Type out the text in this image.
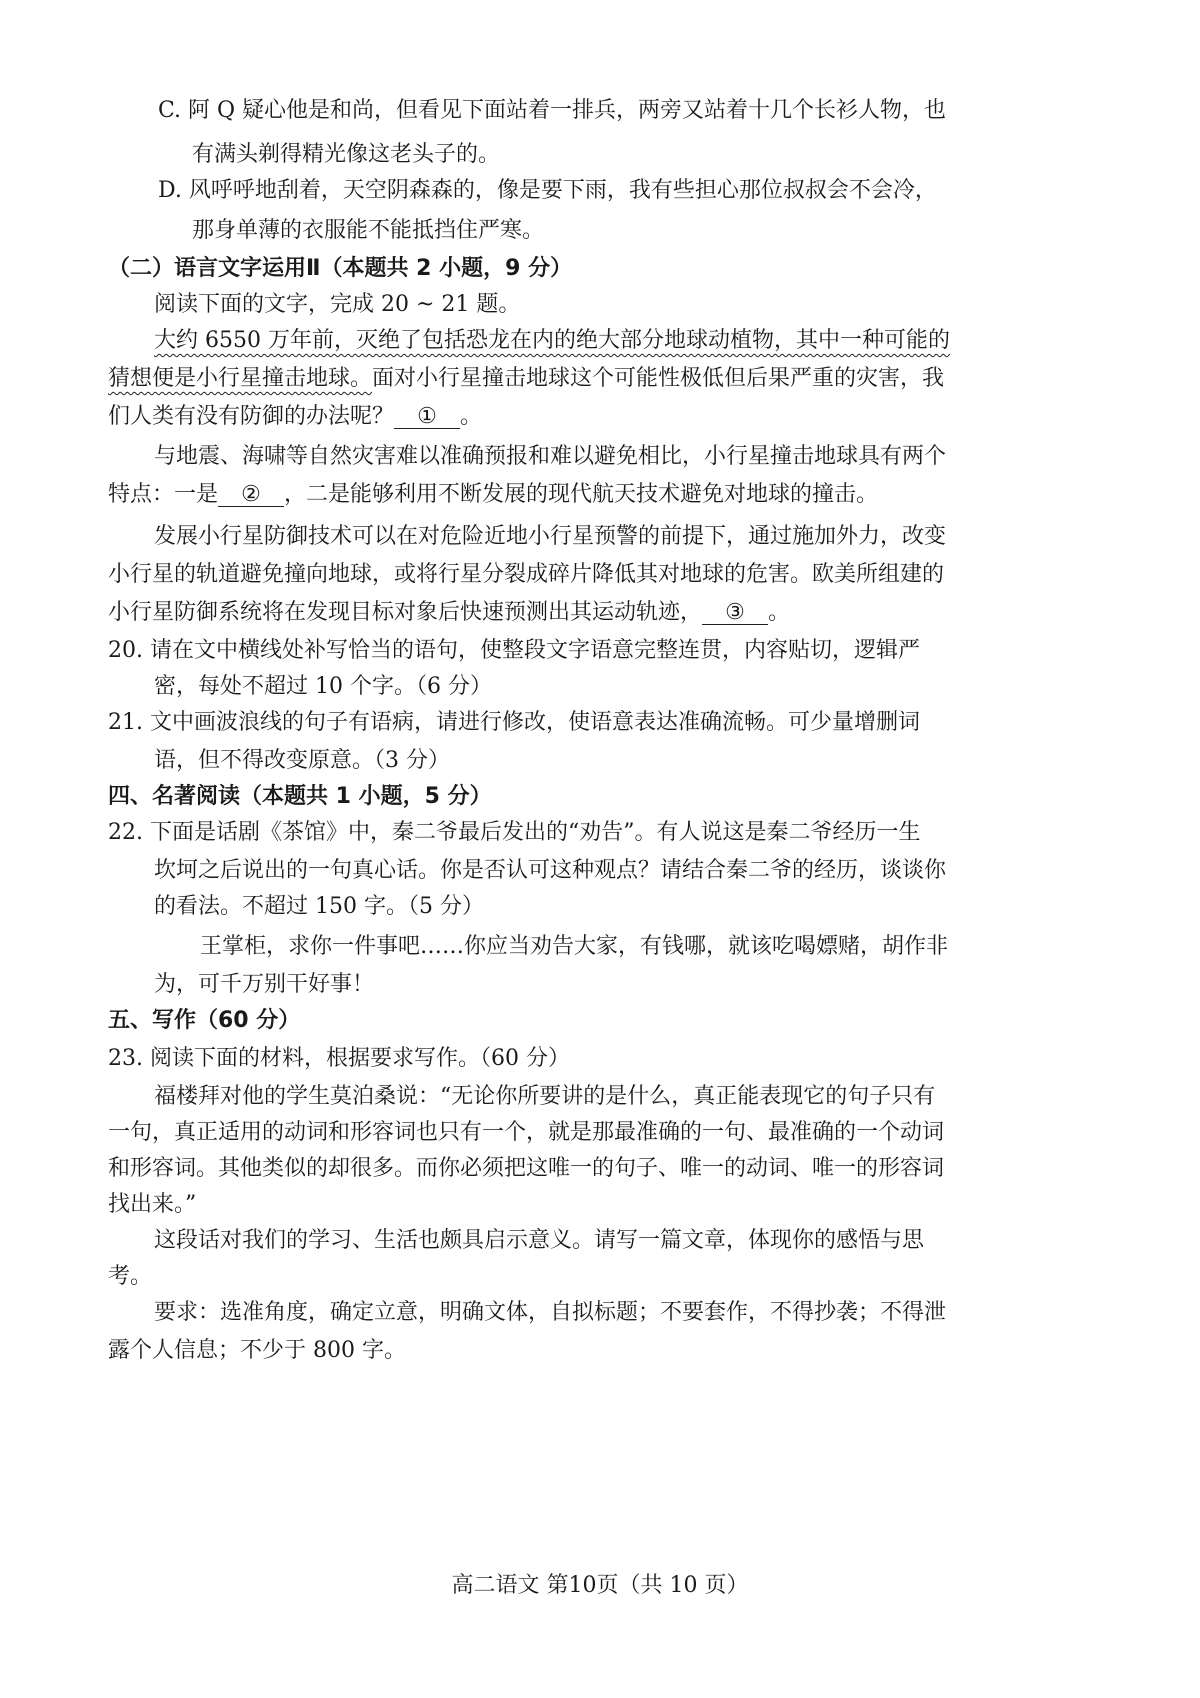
C. 阿 Q 疑心他是和尚，但看见下面站着一排兵，两旁又站着十几个长衫人物，也

有满头剃得精光像这老头子的。

D. 风呼呼地刮着，天空阴森森的，像是要下雨，我有些担心那位叔叔会不会冷，

那身单薄的衣服能不能抵挡住严寒。

（二）语言文字运用Ⅱ（本题共 2 小题，9 分）

阅读下面的文字，完成 20 ~ 21 题。

大约 6550 万年前，灭绝了包括恐龙在内的绝大部分地球动植物，其中一种可能的

猜想便是小行星撞击地球。面对小行星撞击地球这个可能性极低但后果严重的灾害，我

们人类有没有防御的办法呢？ ① 。

与地震、海啸等自然灾害难以准确预报和难以避免相比，小行星撞击地球具有两个

特点：一是 ② ，二是能够利用不断发展的现代航天技术避免对地球的撞击。

发展小行星防御技术可以在对危险近地小行星预警的前提下，通过施加外力，改变

小行星的轨道避免撞向地球，或将行星分裂成碎片降低其对地球的危害。欧美所组建的

小行星防御系统将在发现目标对象后快速预测出其运动轨迹， ③ 。

20. 请在文中横线处补写恰当的语句，使整段文字语意完整连贯，内容贴切，逻辑严

密，每处不超过 10 个字。（6 分）

21. 文中画波浪线的句子有语病，请进行修改，使语意表达准确流畅。可少量增删词

语，但不得改变原意。（3 分）

四、名著阅读（本题共 1 小题，5 分）

22. 下面是话剧《茶馆》中，秦二爷最后发出的“劝告”。有人说这是秦二爷经历一生

坎坷之后说出的一句真心话。你是否认可这种观点？请结合秦二爷的经历，谈谈你

的看法。不超过 150 字。（5 分）

王掌柜，求你一件事吧……你应当劝告大家，有钱哪，就该吃喝嫖赌，胡作非

为，可千万别干好事！

五、写作（60 分）

23. 阅读下面的材料，根据要求写作。（60 分）

福楼拜对他的学生莫泊桑说：“无论你所要讲的是什么，真正能表现它的句子只有

一句，真正适用的动词和形容词也只有一个，就是那最准确的一句、最准确的一个动词

和形容词。其他类似的却很多。而你必须把这唯一的句子、唯一的动词、唯一的形容词

找出来。”

这段话对我们的学习、生活也颇具启示意义。请写一篇文章，体现你的感悟与思

考。

要求：选准角度，确定立意，明确文体，自拟标题；不要套作，不得抄袭；不得泄

露个人信息；不少于 800 字。

高二语文 第10页（共 10 页）
